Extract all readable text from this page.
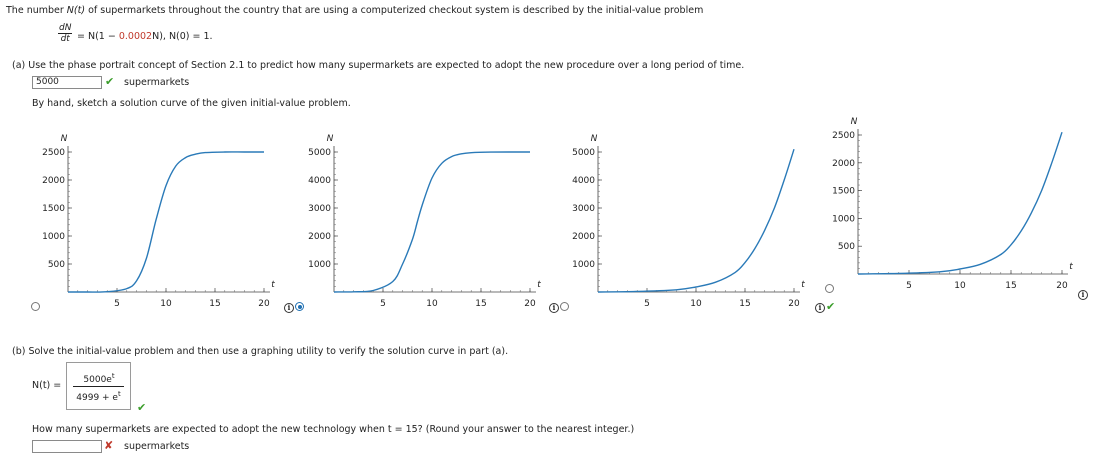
The number N(t) of supermarkets throughout the country that are using a computerized checkout system is described by the initial-value problem
$\frac{dN}{dt} = N(1 - 0.0002N)$, N(0) = 1.
(a) Use the phase portrait concept of Section 2.1 to predict how many supermarkets are expected to adopt the new procedure over a long period of time.
5000	✔ supermarkets
By hand, sketch a solution curve of the given initial-value problem.
5	10	15	20
500
1000
1500
2000
2500
N
t
5	10	15	20
1000
2000
3000
4000
5000
N
t
5	10	15	20
1000
2000
3000
4000
5000
N
t	5	10	15	20
500
1000
1500
2000
2500
N
t
i	i	i ✔
i
(b) Solve the initial-value problem and then use a graphing utility to verify the solution curve in part (a).
N(t) =	$5000e^t$
$4999 + e^t$
✔
How many supermarkets are expected to adopt the new technology when t = 15? (Round your answer to the nearest integer.)
✘ supermarkets
